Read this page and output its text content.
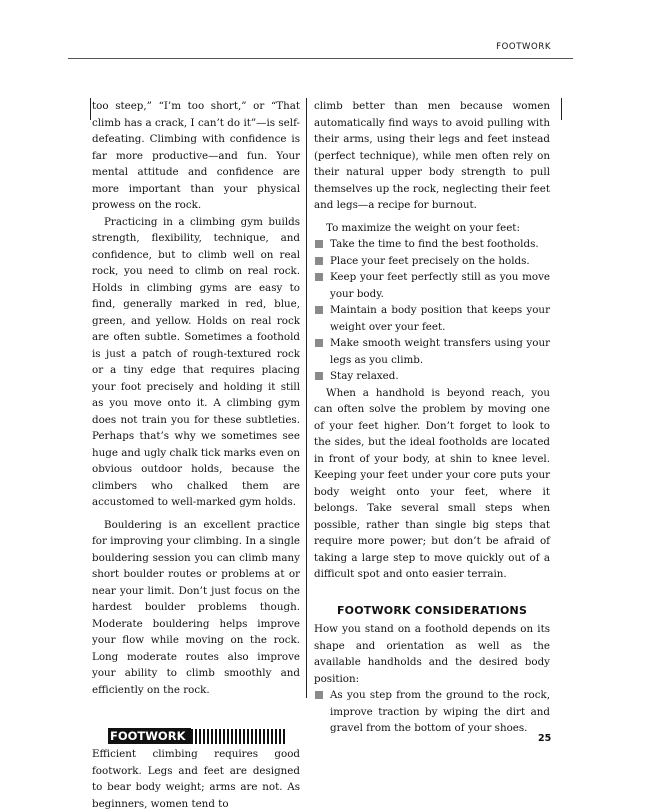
FOOTWORK

too steep,” “I’m too short,” or “That climb has a crack, I can’t do it”—is self-defeating. Climbing with confidence is far more productive—and fun. Your mental attitude and confidence are more important than your physical prowess on the rock.

Practicing in a climbing gym builds strength, flexibility, technique, and confidence, but to climb well on real rock, you need to climb on real rock. Holds in climbing gyms are easy to find, generally marked in red, blue, green, and yellow. Holds on real rock are often subtle. Sometimes a foothold is just a patch of rough-textured rock or a tiny edge that requires placing your foot precisely and holding it still as you move onto it. A climbing gym does not train you for these subtleties. Perhaps that’s why we sometimes see huge and ugly chalk tick marks even on obvious outdoor holds, because the climbers who chalked them are accustomed to well-marked gym holds.

Bouldering is an excellent practice for improving your climbing. In a single bouldering session you can climb many short boulder routes or problems at or near your limit. Don’t just focus on the hardest boulder problems though. Moderate bouldering helps improve your flow while moving on the rock. Long moderate routes also improve your ability to climb smoothly and efficiently on the rock.

FOOTWORK

Efficient climbing requires good footwork. Legs and feet are designed to bear body weight; arms are not. As beginners, women tend to

climb better than men because women automatically find ways to avoid pulling with their arms, using their legs and feet instead (perfect technique), while men often rely on their natural upper body strength to pull themselves up the rock, neglecting their feet and legs—a recipe for burnout.

To maximize the weight on your feet:

Take the time to find the best footholds.
Place your feet precisely on the holds.
Keep your feet perfectly still as you move your body.
Maintain a body position that keeps your weight over your feet.
Make smooth weight transfers using your legs as you climb.
Stay relaxed.

When a handhold is beyond reach, you can often solve the problem by moving one of your feet higher. Don’t forget to look to the sides, but the ideal footholds are located in front of your body, at shin to knee level. Keeping your feet under your core puts your body weight onto your feet, where it belongs. Take several small steps when possible, rather than single big steps that require more power; but don’t be afraid of taking a large step to move quickly out of a difficult spot and onto easier terrain.

FOOTWORK CONSIDERATIONS

How you stand on a foothold depends on its shape and orientation as well as the available handholds and the desired body position:

As you step from the ground to the rock, improve traction by wiping the dirt and gravel from the bottom of your shoes.
25
